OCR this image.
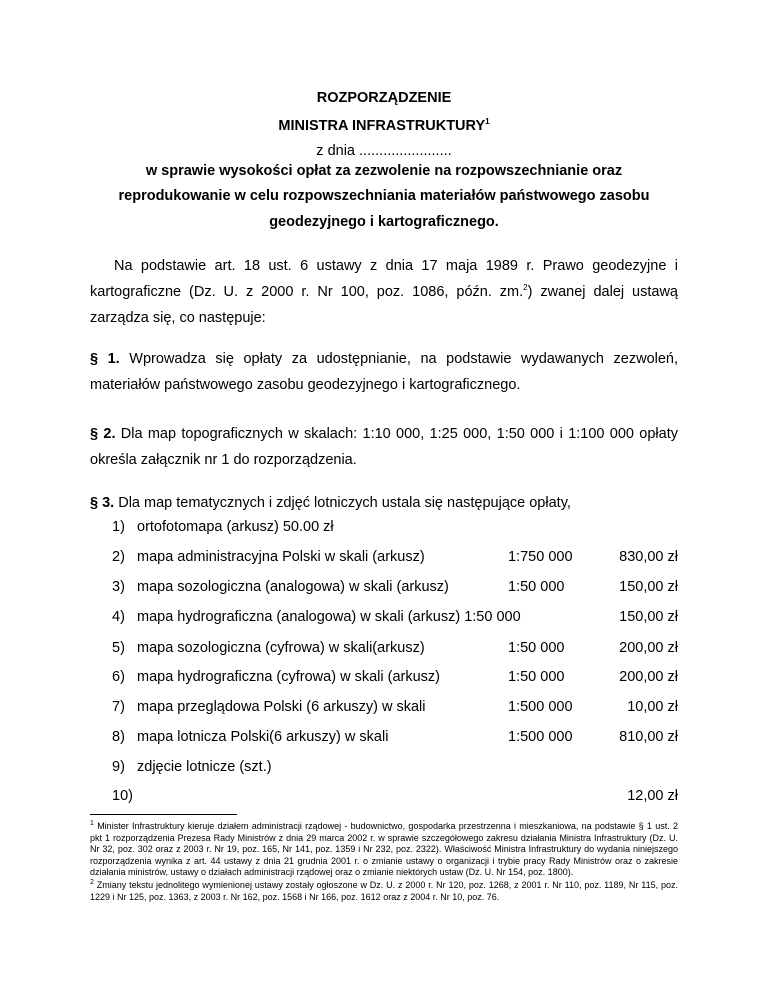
ROZPORZĄDZENIE
MINISTRA INFRASTRUKTURY$^1$
z dnia .......................
w sprawie wysokości opłat za zezwolenie na rozpowszechnianie oraz
reprodukowanie w celu rozpowszechniania materiałów państwowego zasobu
geodezyjnego i kartograficznego.
Na podstawie art. 18 ust. 6 ustawy z dnia 17 maja 1989 r. Prawo geodezyjne i kartograficzne (Dz. U. z 2000 r. Nr 100, poz. 1086, późn. zm.$^2$) zwanej dalej ustawą zarządza się, co następuje:
§ 1. Wprowadza się opłaty za udostępnianie, na podstawie wydawanych zezwoleń, materiałów państwowego zasobu geodezyjnego i kartograficznego.
§ 2. Dla map topograficznych w skalach: 1:10 000, 1:25 000, 1:50 000 i 1:100 000 opłaty określa załącznik nr 1 do rozporządzenia.
§ 3. Dla map tematycznych i zdjęć lotniczych ustala się następujące opłaty,
1) ortofotomapa (arkusz) 50.00 zł
2) mapa administracyjna Polski w skali (arkusz)	1:750 000	830,00 zł
3) mapa sozologiczna (analogowa) w skali (arkusz)	1:50 000	150,00 zł
4) mapa hydrograficzna (analogowa) w skali (arkusz) 1:50 000	150,00 zł
5) mapa sozologiczna (cyfrowa) w skali(arkusz)	1:50 000	200,00 zł
6) mapa hydrograficzna (cyfrowa) w skali (arkusz)	1:50 000	200,00 zł
7) mapa przeglądowa Polski (6 arkuszy) w skali	1:500 000	10,00 zł
8) mapa lotnicza Polski(6 arkuszy) w skali	1:500 000	810,00 zł
9) zdjęcie lotnicze (szt.)
10)	12,00 zł
$^1$ Minister Infrastruktury kieruje działem administracji rządowej - budownictwo, gospodarka przestrzenna i mieszkaniowa, na podstawie § 1 ust. 2 pkt 1 rozporządzenia Prezesa Rady Ministrów z dnia 29 marca 2002 r. w sprawie szczegółowego zakresu działania Ministra Infrastruktury (Dz. U. Nr 32, poz. 302 oraz z 2003 r. Nr 19, poz. 165, Nr 141, poz. 1359 i Nr 232, poz. 2322). Właściwość Ministra Infrastruktury do wydania niniejszego rozporządzenia wynika z art. 44 ustawy z dnia 21 grudnia 2001 r. o zmianie ustawy o organizacji i trybie pracy Rady Ministrów oraz o zakresie działania ministrów, ustawy o działach administracji rządowej oraz o zmianie niektórych ustaw (Dz. U. Nr 154, poz. 1800).
$^2$ Zmiany tekstu jednolitego wymienionej ustawy zostały ogłoszone w Dz. U. z 2000 r. Nr 120, poz. 1268, z 2001 r. Nr 110, poz. 1189, Nr 115, poz. 1229 i Nr 125, poz. 1363, z 2003 r. Nr 162, poz. 1568 i Nr 166, poz. 1612 oraz z 2004 r. Nr 10, poz. 76.
